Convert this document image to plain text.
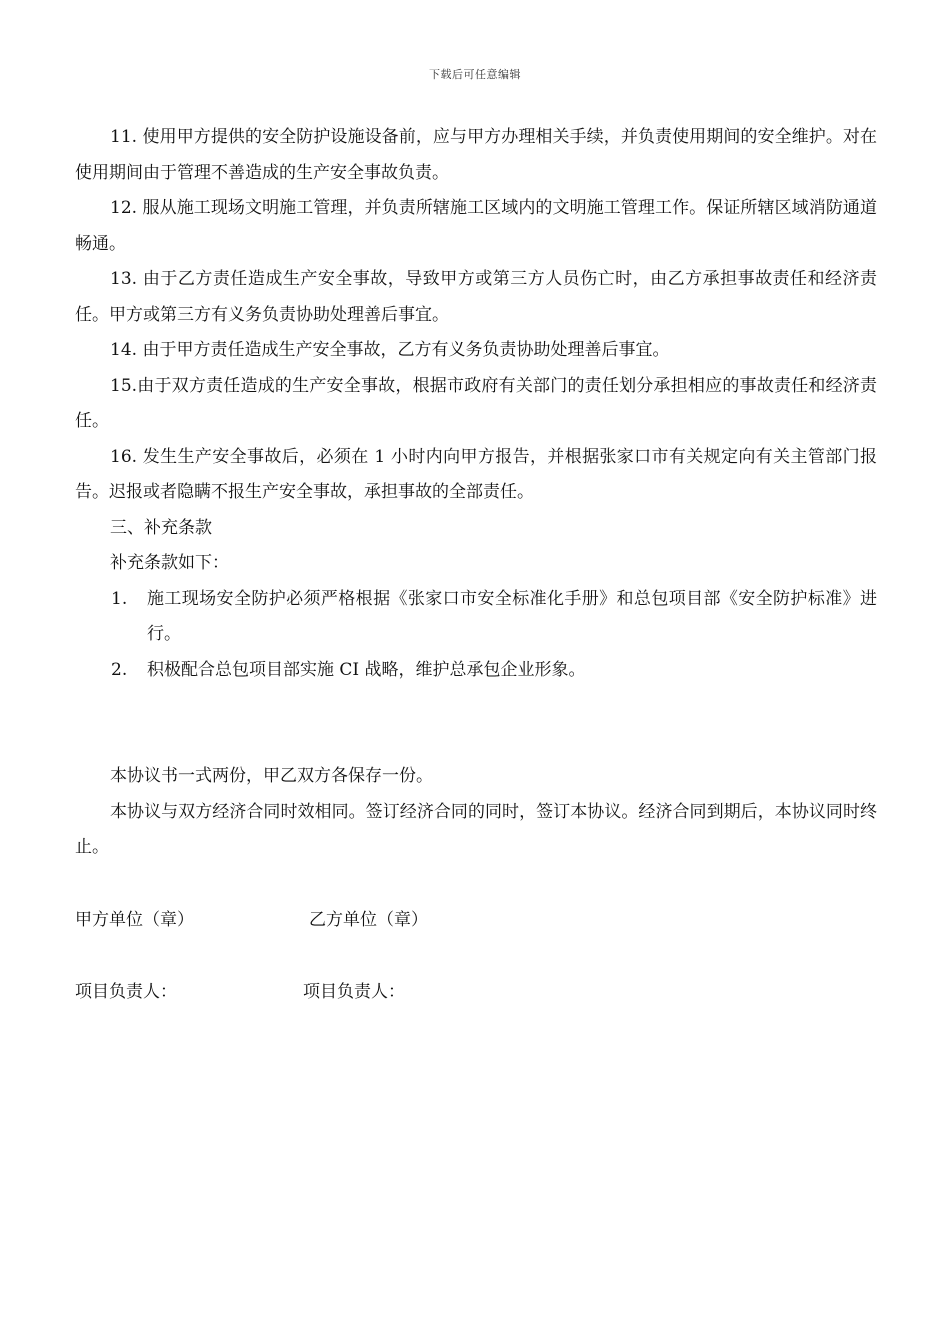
下载后可任意编辑

11. 使用甲方提供的安全防护设施设备前，应与甲方办理相关手续，并负责使用期间的安全维护。对在使用期间由于管理不善造成的生产安全事故负责。

12. 服从施工现场文明施工管理，并负责所辖施工区域内的文明施工管理工作。保证所辖区域消防通道畅通。

13. 由于乙方责任造成生产安全事故，导致甲方或第三方人员伤亡时，由乙方承担事故责任和经济责任。甲方或第三方有义务负责协助处理善后事宜。

14. 由于甲方责任造成生产安全事故，乙方有义务负责协助处理善后事宜。

15.由于双方责任造成的生产安全事故，根据市政府有关部门的责任划分承担相应的事故责任和经济责任。

16. 发生生产安全事故后，必须在 1 小时内向甲方报告，并根据张家口市有关规定向有关主管部门报告。迟报或者隐瞒不报生产安全事故，承担事故的全部责任。

三、补充条款

补充条款如下：

1. 施工现场安全防护必须严格根据《张家口市安全标准化手册》和总包项目部《安全防护标准》进行。
2. 积极配合总包项目部实施 CI 战略，维护总承包企业形象。

本协议书一式两份，甲乙双方各保存一份。

本协议与双方经济合同时效相同。签订经济合同的同时，签订本协议。经济合同到期后，本协议同时终止。

甲方单位（章）	乙方单位（章）
项目负责人：	项目负责人：
